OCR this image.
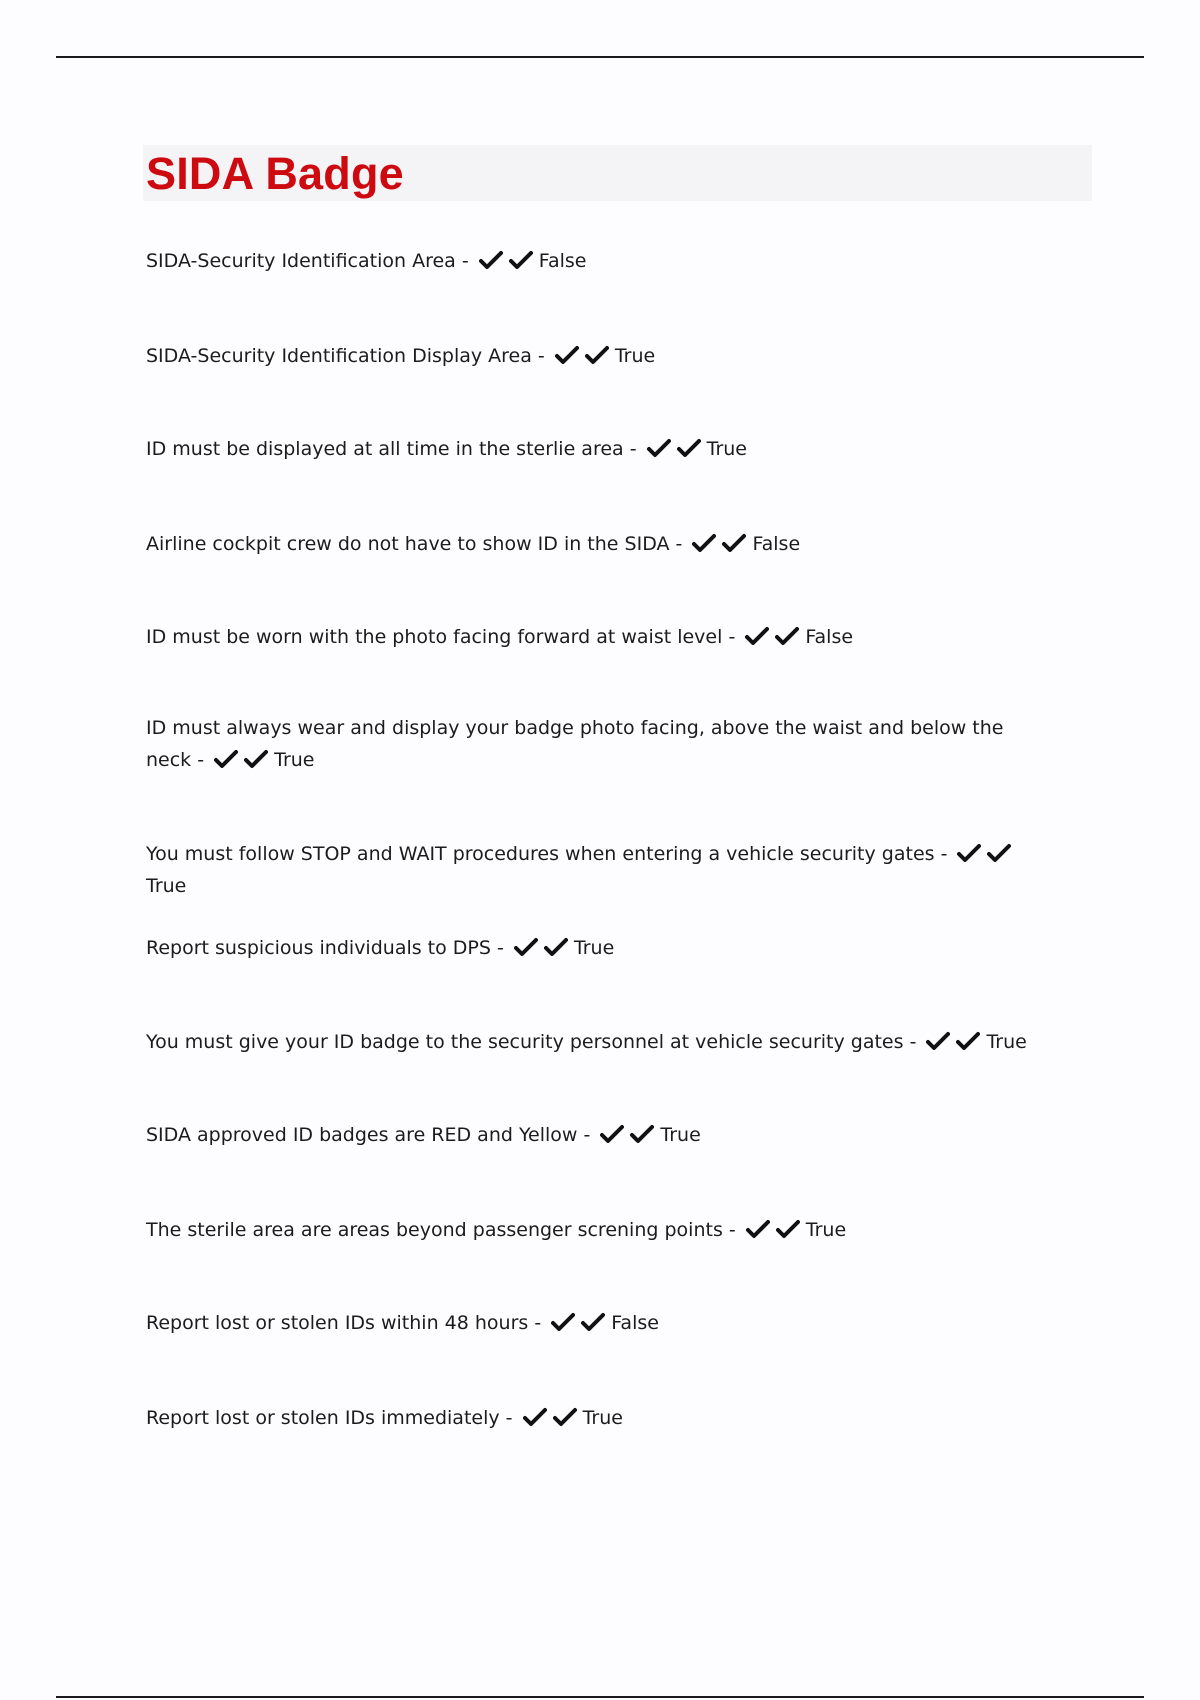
SIDA Badge
SIDA-Security Identification Area -	False
SIDA-Security Identification Display Area -	True
ID must be displayed at all time in the sterlie area -	True
Airline cockpit crew do not have to show ID in the SIDA -	False
ID must be worn with the photo facing forward at waist level -	False
ID must always wear and display your badge photo facing, above the waist and below the neck -	True
You must follow STOP and WAIT procedures when entering a vehicle security gates -
True
Report suspicious individuals to DPS -	True
You must give your ID badge to the security personnel at vehicle security gates -	True
SIDA approved ID badges are RED and Yellow -	True
The sterile area are areas beyond passenger screning points -	True
Report lost or stolen IDs within 48 hours -	False
Report lost or stolen IDs immediately -	True
